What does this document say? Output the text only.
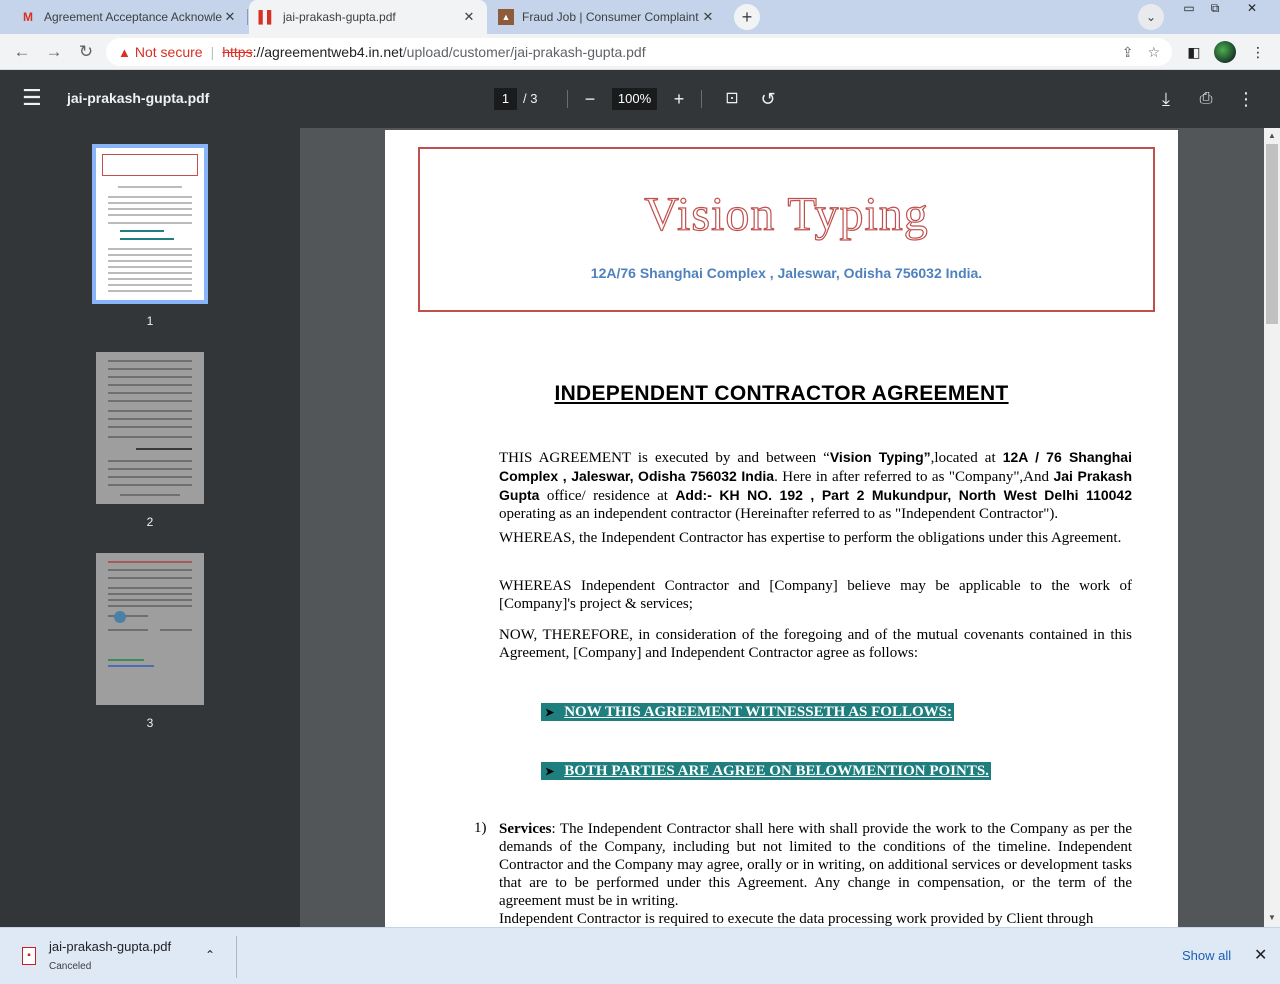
M Agreement Acceptance Acknowle ✕ ▌▌ jai-prakash-gupta.pdf	✕	▲ Fraud Job | Consumer Complaint ✕	+	⌄
▭	⧉	✕
← → ↻	▲ Not secure | https://agreementweb4.in.net/upload/customer/jai-prakash-gupta.pdf	⇪ ☆	◧	⋮
☰ jai-prakash-gupta.pdf	1	/ 3	−	100%	+	⊡	↺	⤓	⎙	⋮
1
2
3
Vision Typing
12A/76 Shanghai Complex , Jaleswar, Odisha 756032 India.
INDEPENDENT CONTRACTOR AGREEMENT
THIS AGREEMENT is executed by and between “Vision Typing”,located at 12A / 76 Shanghai Complex , Jaleswar, Odisha 756032 India. Here in after referred to as "Company",And Jai Prakash Gupta office/ residence at Add:- KH NO. 192 , Part 2 Mukundpur, North West Delhi 110042 operating as an independent contractor (Hereinafter referred to as "Independent Contractor").
WHEREAS, the Independent Contractor has expertise to perform the obligations under this Agreement.
WHEREAS Independent Contractor and [Company] believe may be applicable to the work of [Company]'s project & services;
NOW, THEREFORE, in consideration of the foregoing and of the mutual covenants contained in this Agreement, [Company] and Independent Contractor agree as follows:
➤ NOW THIS AGREEMENT WITNESSETH AS FOLLOWS:
➤ BOTH PARTIES ARE AGREE ON BELOWMENTION POINTS.
1) Services: The Independent Contractor shall here with shall provide the work to the Company as per the demands of the Company, including but not limited to the conditions of the timeline. Independent Contractor and the Company may agree, orally or in writing, on additional services or development tasks that are to be performed under this Agreement. Any change in compensation, or the term of the agreement must be in writing.
Independent Contractor is required to execute the data processing work provided by Client through
▲
▼
▪
jai-prakash-gupta.pdf
Canceled
⌃	Show all ✕
